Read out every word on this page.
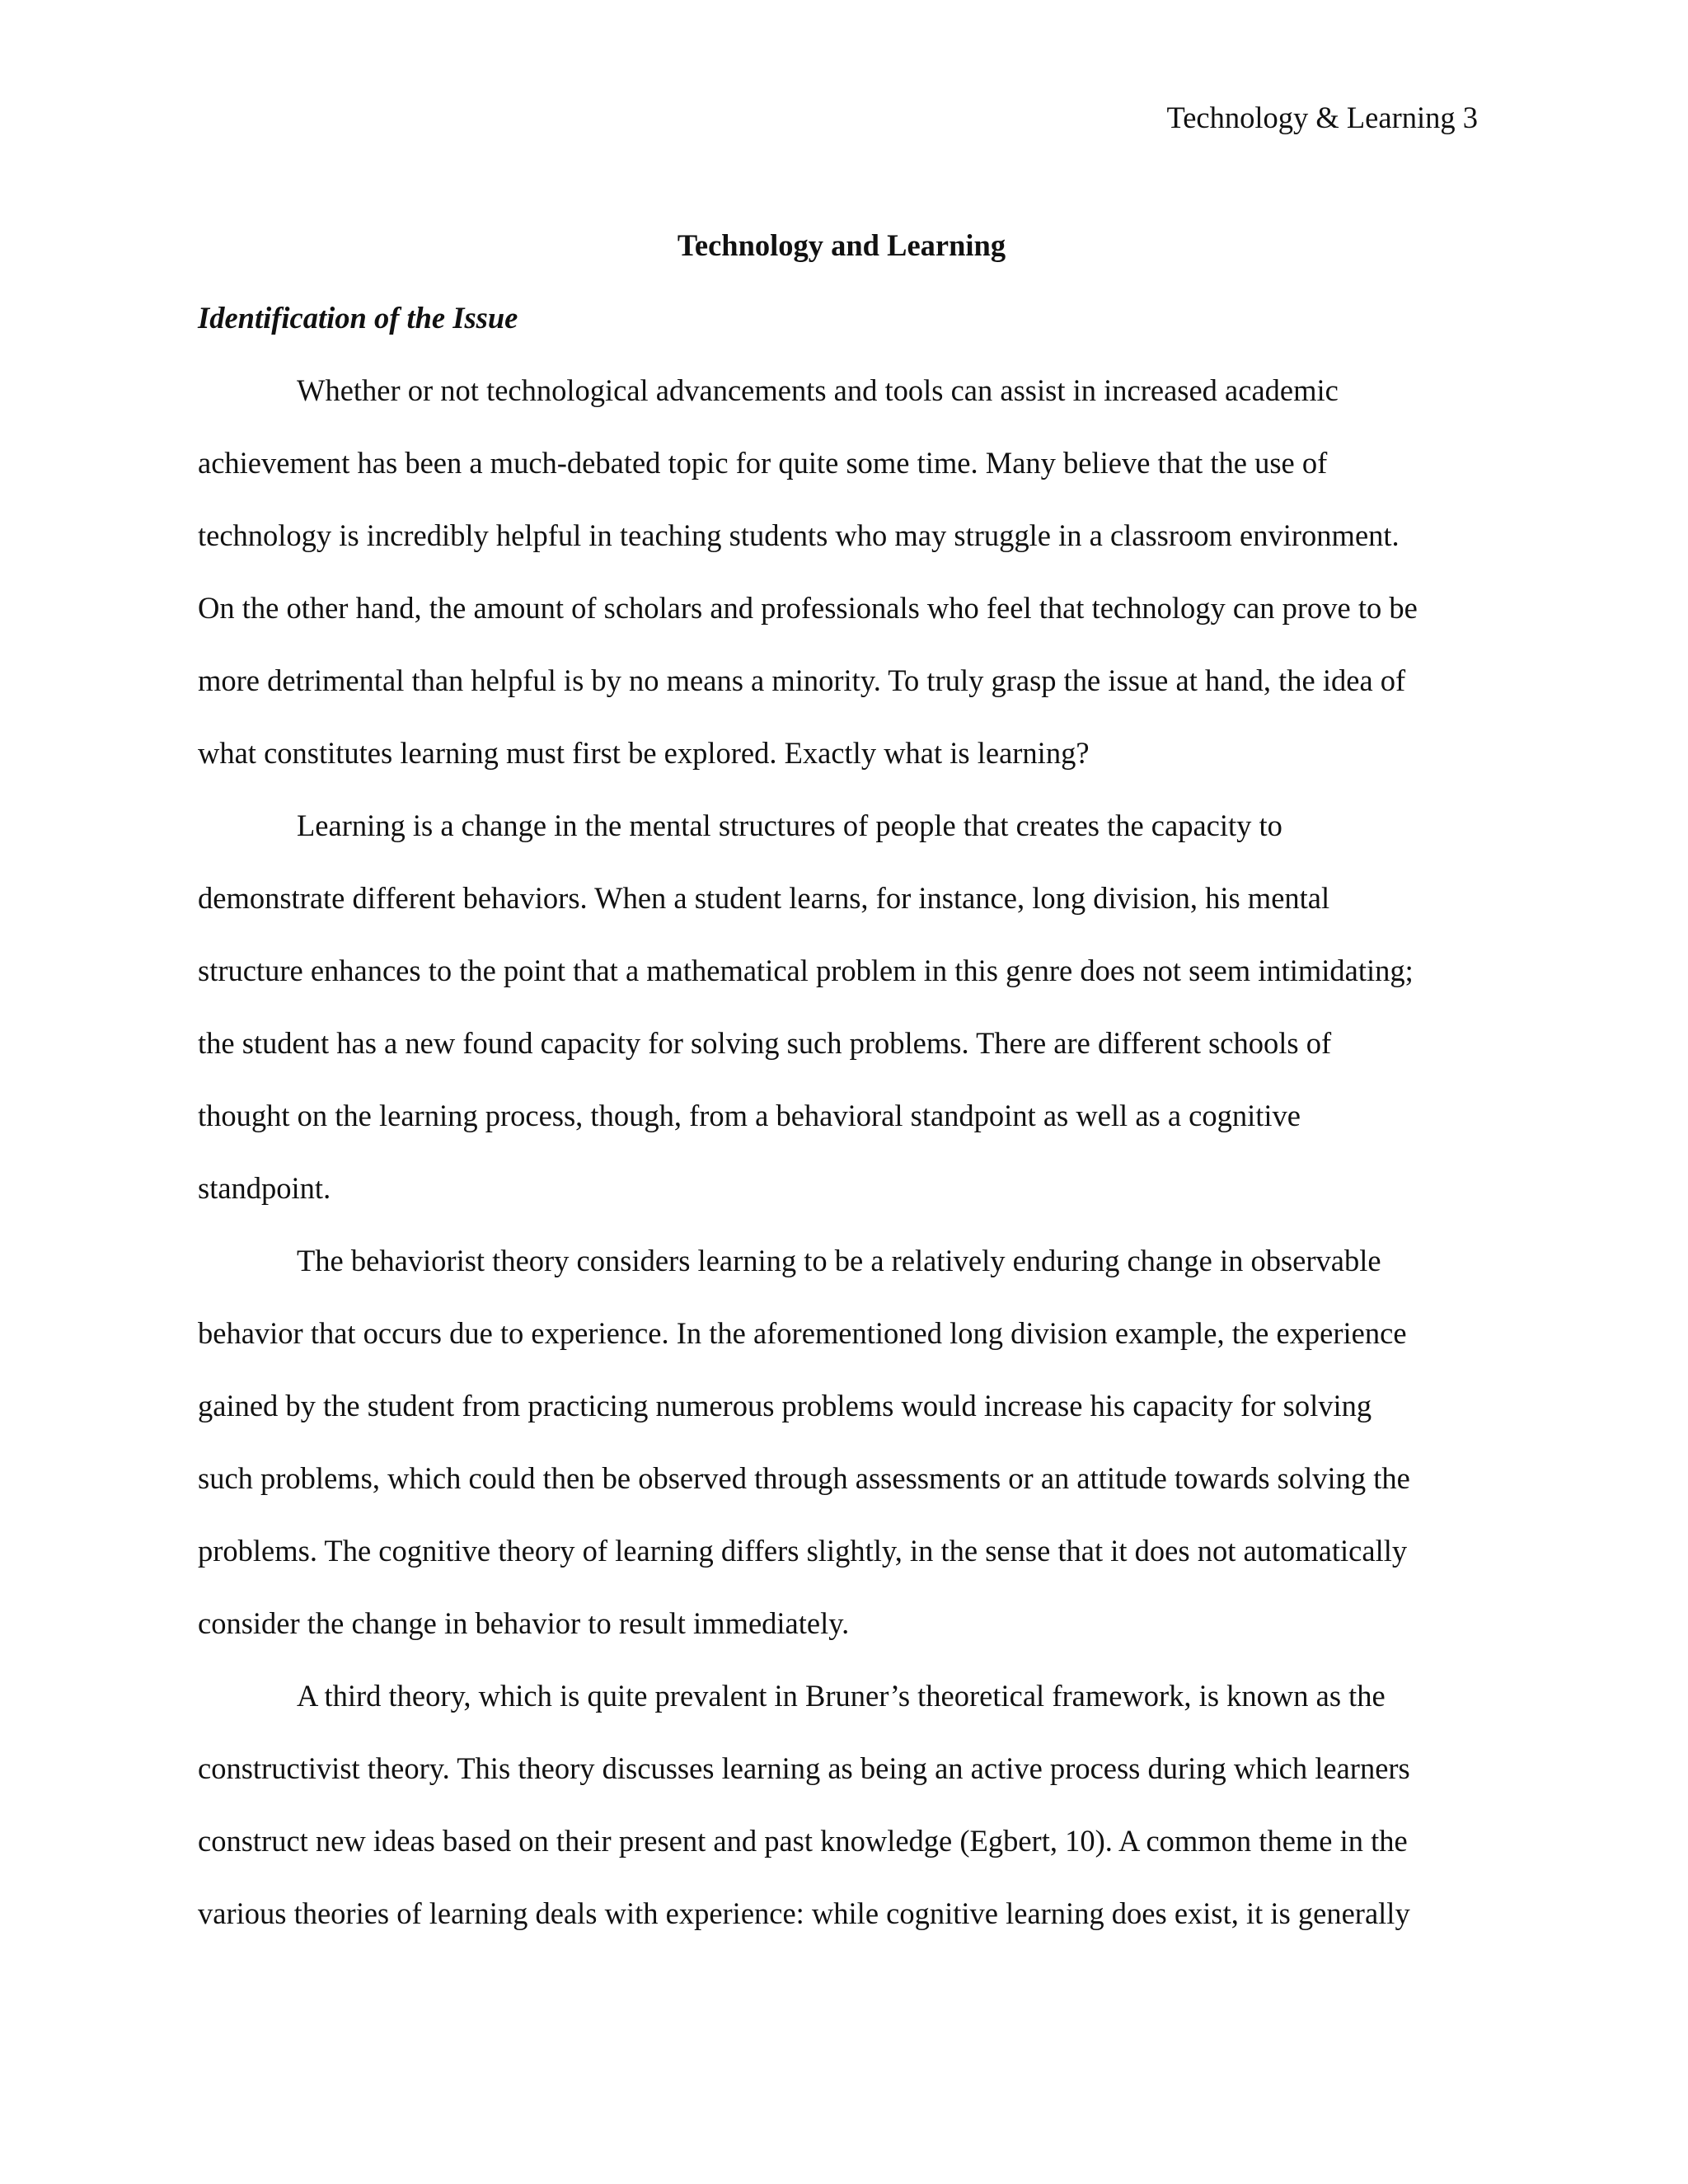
Technology & Learning 3
Technology and Learning
Identification of the Issue

Whether or not technological advancements and tools can assist in increased academic
achievement has been a much-debated topic for quite some time. Many believe that the use of
technology is incredibly helpful in teaching students who may struggle in a classroom environment.
On the other hand, the amount of scholars and professionals who feel that technology can prove to be
more detrimental than helpful is by no means a minority. To truly grasp the issue at hand, the idea of
what constitutes learning must first be explored. Exactly what is learning?

Learning is a change in the mental structures of people that creates the capacity to
demonstrate different behaviors. When a student learns, for instance, long division, his mental
structure enhances to the point that a mathematical problem in this genre does not seem intimidating;
the student has a new found capacity for solving such problems. There are different schools of
thought on the learning process, though, from a behavioral standpoint as well as a cognitive
standpoint.

The behaviorist theory considers learning to be a relatively enduring change in observable
behavior that occurs due to experience. In the aforementioned long division example, the experience
gained by the student from practicing numerous problems would increase his capacity for solving
such problems, which could then be observed through assessments or an attitude towards solving the
problems. The cognitive theory of learning differs slightly, in the sense that it does not automatically
consider the change in behavior to result immediately.

A third theory, which is quite prevalent in Bruner’s theoretical framework, is known as the
constructivist theory. This theory discusses learning as being an active process during which learners
construct new ideas based on their present and past knowledge (Egbert, 10). A common theme in the
various theories of learning deals with experience: while cognitive learning does exist, it is generally
